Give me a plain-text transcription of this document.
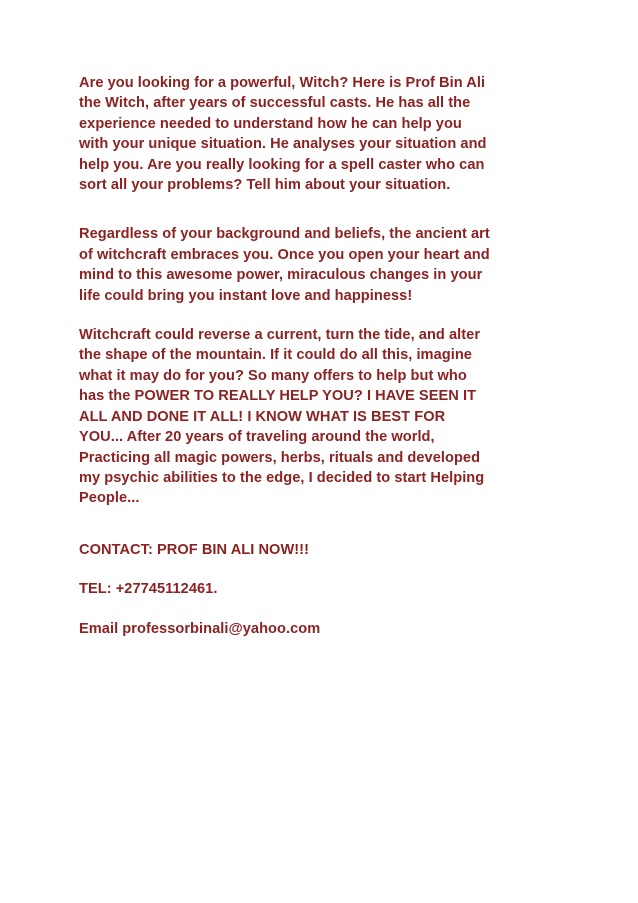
Are you looking for a powerful, Witch? Here is Prof Bin Ali
the Witch, after years of successful casts. He has all the
experience needed to understand how he can help you
with your unique situation. He analyses your situation and
help you. Are you really looking for a spell caster who can
sort all your problems? Tell him about your situation.

Regardless of your background and beliefs, the ancient art
of witchcraft embraces you. Once you open your heart and
mind to this awesome power, miraculous changes in your
life could bring you instant love and happiness!

Witchcraft could reverse a current, turn the tide, and alter
the shape of the mountain. If it could do all this, imagine
what it may do for you? So many offers to help but who
has the POWER TO REALLY HELP YOU? I HAVE SEEN IT
ALL AND DONE IT ALL! I KNOW WHAT IS BEST FOR
YOU... After 20 years of traveling around the world,
Practicing all magic powers, herbs, rituals and developed
my psychic abilities to the edge, I decided to start Helping
People...

CONTACT: PROF BIN ALI NOW!!!

TEL: +27745112461.

Email professorbinali@yahoo.com
